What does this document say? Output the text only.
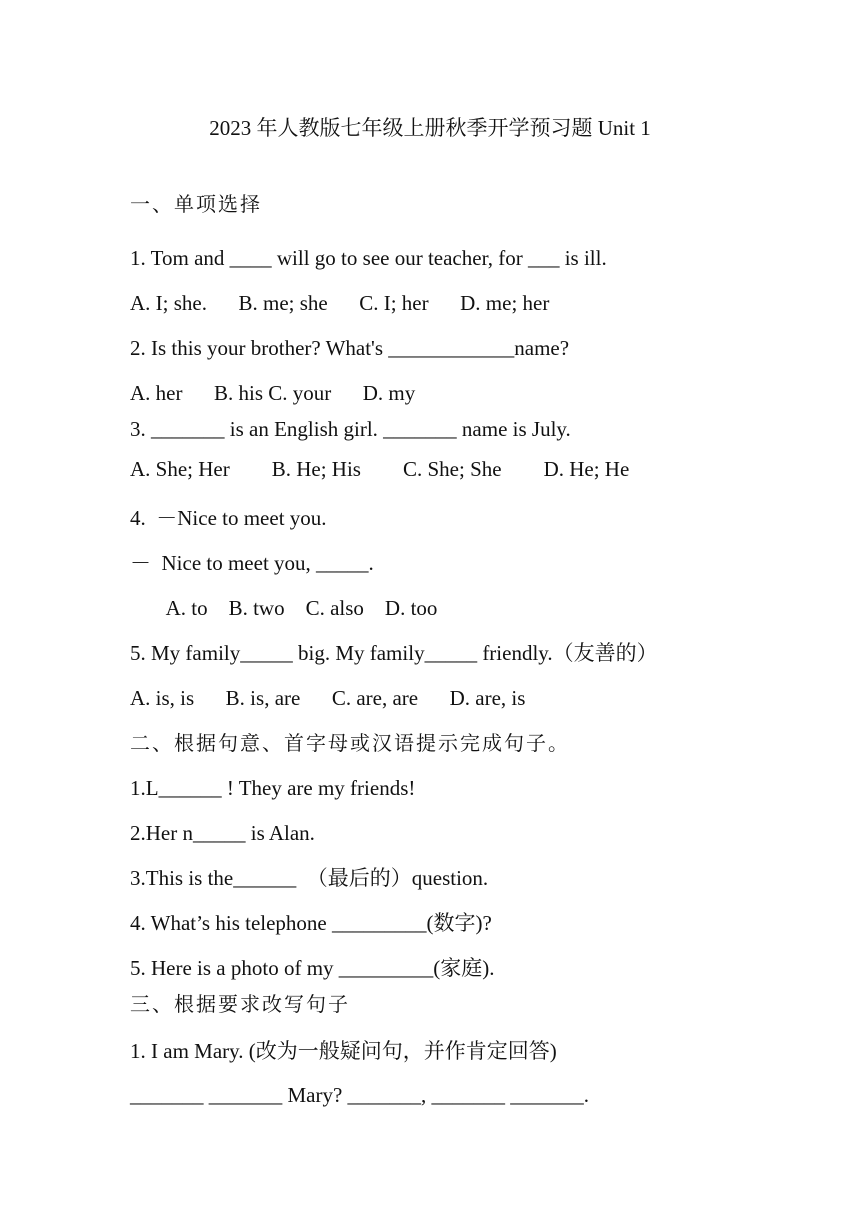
2023 年人教版七年级上册秋季开学预习题 Unit 1
一、单项选择
1. Tom and ____ will go to see our teacher, for ___ is ill.
A. I; she.      B. me; she      C. I; her      D. me; her
2. Is this your brother? What's ____________name?
A. her      B. his C. your      D. my
3. _______ is an English girl. _______ name is July.
A. She; Her        B. He; His        C. She; She        D. He; He
4.  －Nice to meet you.
－  Nice to meet you, _____.
A. to    B. two    C. also    D. too
5. My family_____ big. My family_____ friendly.（友善的）
A. is, is      B. is, are      C. are, are      D. are, is
二、根据句意、首字母或汉语提示完成句子。
1.L______ ! They are my friends!
2.Her n_____ is Alan.
3.This is the______  （最后的）question.
4. What’s his telephone _________(数字)?
5. Here is a photo of my _________(家庭).
三、根据要求改写句子
1. I am Mary. (改为一般疑问句，并作肯定回答)
_______ _______ Mary? _______, _______ _______.
